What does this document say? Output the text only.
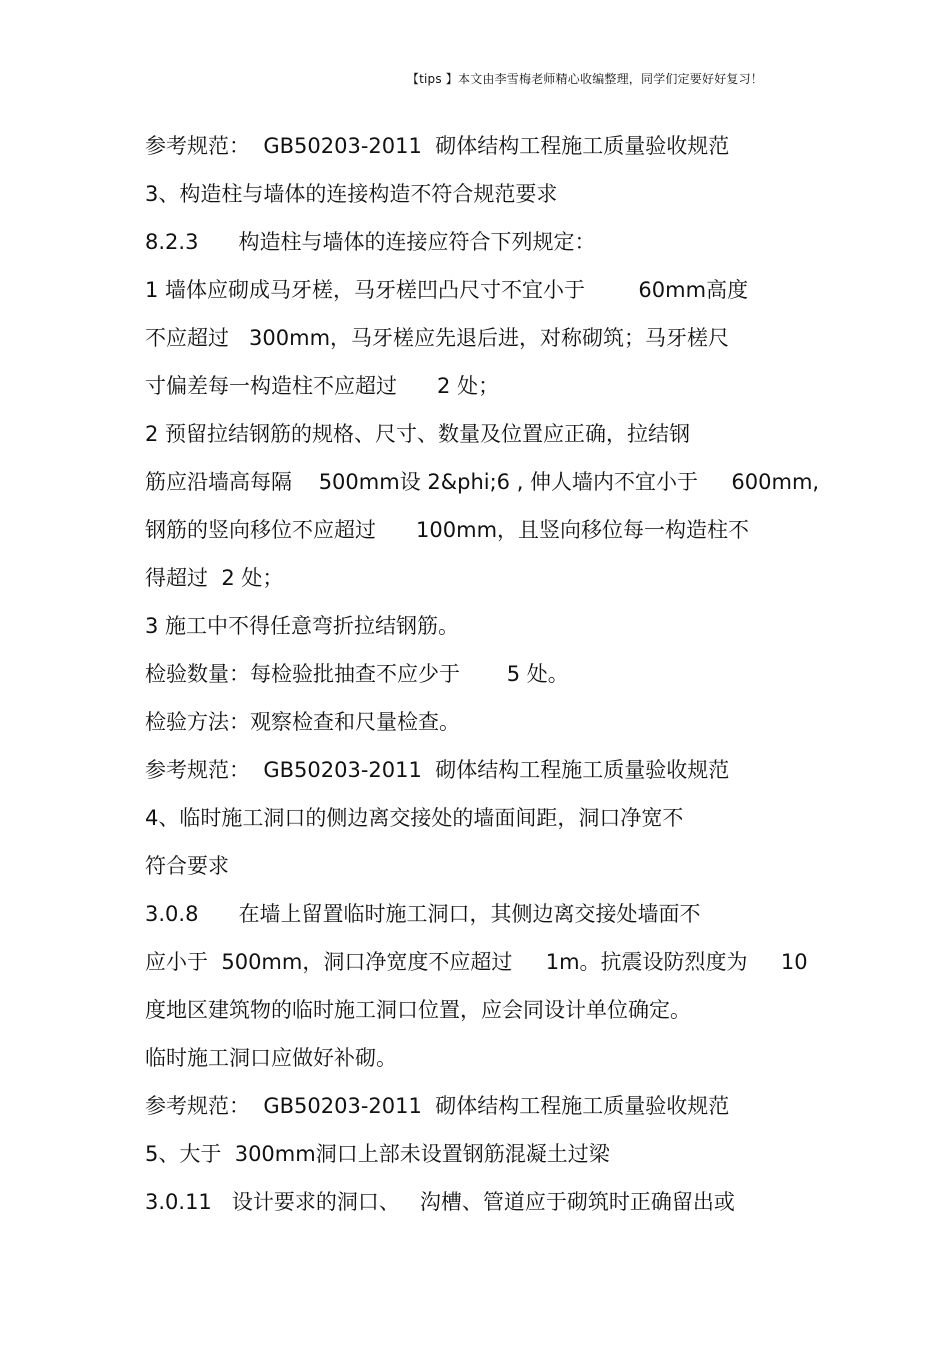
【tips 】本文由李雪梅老师精心收编整理，同学们定要好好复习！
参考规范：  GB50203-2011  砌体结构工程施工质量验收规范
3、构造柱与墙体的连接构造不符合规范要求
8.2.3      构造柱与墙体的连接应符合下列规定：
1 墙体应砌成马牙槎，马牙槎凹凸尺寸不宜小于        60mm高度
不应超过   300mm，马牙槎应先退后进，对称砌筑；马牙槎尺
寸偏差每一构造柱不应超过      2 处；
2 预留拉结钢筋的规格、尺寸、数量及位置应正确，拉结钢
筋应沿墙高每隔    500mm设 2&phi;6 , 伸人墙内不宜小于     600mm,
钢筋的竖向移位不应超过      100mm，且竖向移位每一构造柱不
得超过  2 处；
3 施工中不得任意弯折拉结钢筋。
检验数量：每检验批抽查不应少于       5 处。
检验方法：观察检查和尺量检查。
参考规范：  GB50203-2011  砌体结构工程施工质量验收规范
4、临时施工洞口的侧边离交接处的墙面间距，洞口净宽不
符合要求
3.0.8      在墙上留置临时施工洞口，其侧边离交接处墙面不
应小于  500mm，洞口净宽度不应超过     1m。抗震设防烈度为     10
度地区建筑物的临时施工洞口位置，应会同设计单位确定。
临时施工洞口应做好补砌。
参考规范：  GB50203-2011  砌体结构工程施工质量验收规范
5、大于  300mm洞口上部未设置钢筋混凝土过梁
3.0.11   设计要求的洞口、   沟槽、管道应于砌筑时正确留出或
